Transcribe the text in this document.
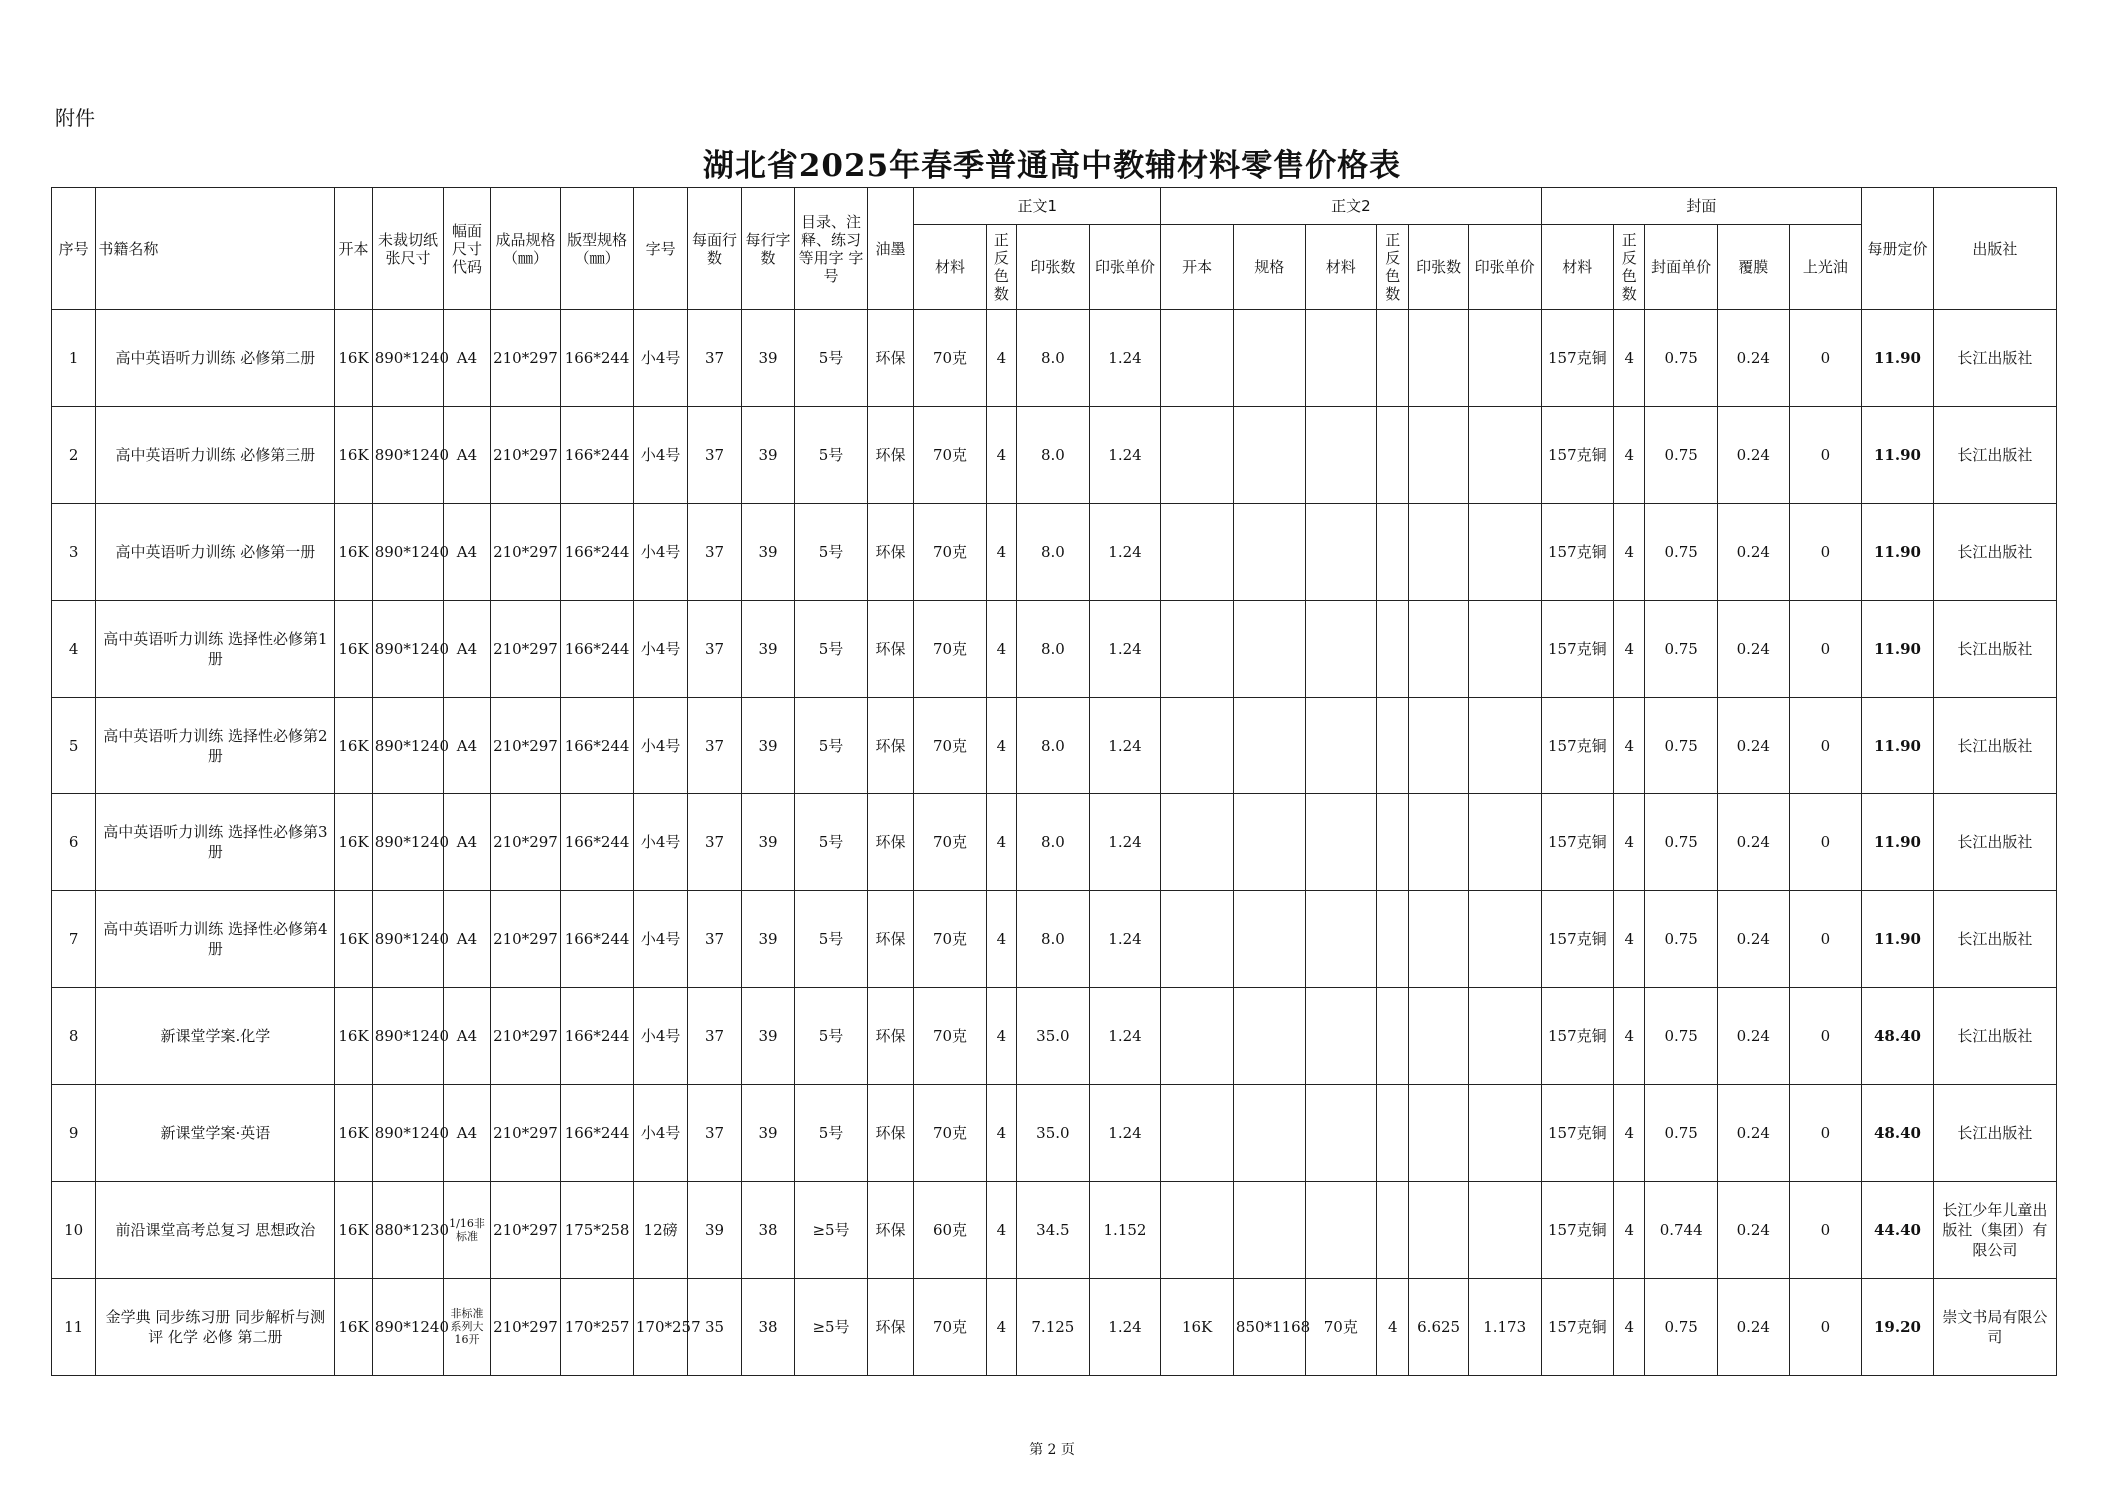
附件
湖北省2025年春季普通高中教辅材料零售价格表
序号	书籍名称	开本	未裁切纸张尺寸	幅面尺寸代码	成品规格（㎜）	版型规格（㎜）	字号	每面行数	每行字数	目录、注释、练习等用字 字号	油墨	正文1				正文2						封面					每册定价	出版社
												材料	正反色数	印张数	印张单价	开本	规格	材料	正反色数	印张数	印张单价	材料	正反色数	封面单价	覆膜	上光油		
1	高中英语听力训练 必修第二册	16K	890*1240	A4	210*297	166*244	小4号	37	39	5号	环保	70克	4	8.0	1.24							157克铜	4	0.75	0.24	0	11.90	长江出版社
2	高中英语听力训练 必修第三册	16K	890*1240	A4	210*297	166*244	小4号	37	39	5号	环保	70克	4	8.0	1.24							157克铜	4	0.75	0.24	0	11.90	长江出版社
3	高中英语听力训练 必修第一册	16K	890*1240	A4	210*297	166*244	小4号	37	39	5号	环保	70克	4	8.0	1.24							157克铜	4	0.75	0.24	0	11.90	长江出版社
4	高中英语听力训练 选择性必修第1册	16K	890*1240	A4	210*297	166*244	小4号	37	39	5号	环保	70克	4	8.0	1.24							157克铜	4	0.75	0.24	0	11.90	长江出版社
5	高中英语听力训练 选择性必修第2册	16K	890*1240	A4	210*297	166*244	小4号	37	39	5号	环保	70克	4	8.0	1.24							157克铜	4	0.75	0.24	0	11.90	长江出版社
6	高中英语听力训练 选择性必修第3册	16K	890*1240	A4	210*297	166*244	小4号	37	39	5号	环保	70克	4	8.0	1.24							157克铜	4	0.75	0.24	0	11.90	长江出版社
7	高中英语听力训练 选择性必修第4册	16K	890*1240	A4	210*297	166*244	小4号	37	39	5号	环保	70克	4	8.0	1.24							157克铜	4	0.75	0.24	0	11.90	长江出版社
8	新课堂学案.化学	16K	890*1240	A4	210*297	166*244	小4号	37	39	5号	环保	70克	4	35.0	1.24							157克铜	4	0.75	0.24	0	48.40	长江出版社
9	新课堂学案·英语	16K	890*1240	A4	210*297	166*244	小4号	37	39	5号	环保	70克	4	35.0	1.24							157克铜	4	0.75	0.24	0	48.40	长江出版社
10	前沿课堂高考总复习 思想政治	16K	880*1230	1/16非标准	210*297	175*258	12磅	39	38	≥5号	环保	60克	4	34.5	1.152							157克铜	4	0.744	0.24	0	44.40	长江少年儿童出版社（集团）有限公司
11	金学典 同步练习册 同步解析与测评 化学 必修 第二册	16K	890*1240	非标准系列大16开	210*297	170*257	170*257	35	38	≥5号	环保	70克	4	7.125	1.24	16K	850*1168	70克	4	6.625	1.173	157克铜	4	0.75	0.24	0	19.20	崇文书局有限公司
第 2 页
